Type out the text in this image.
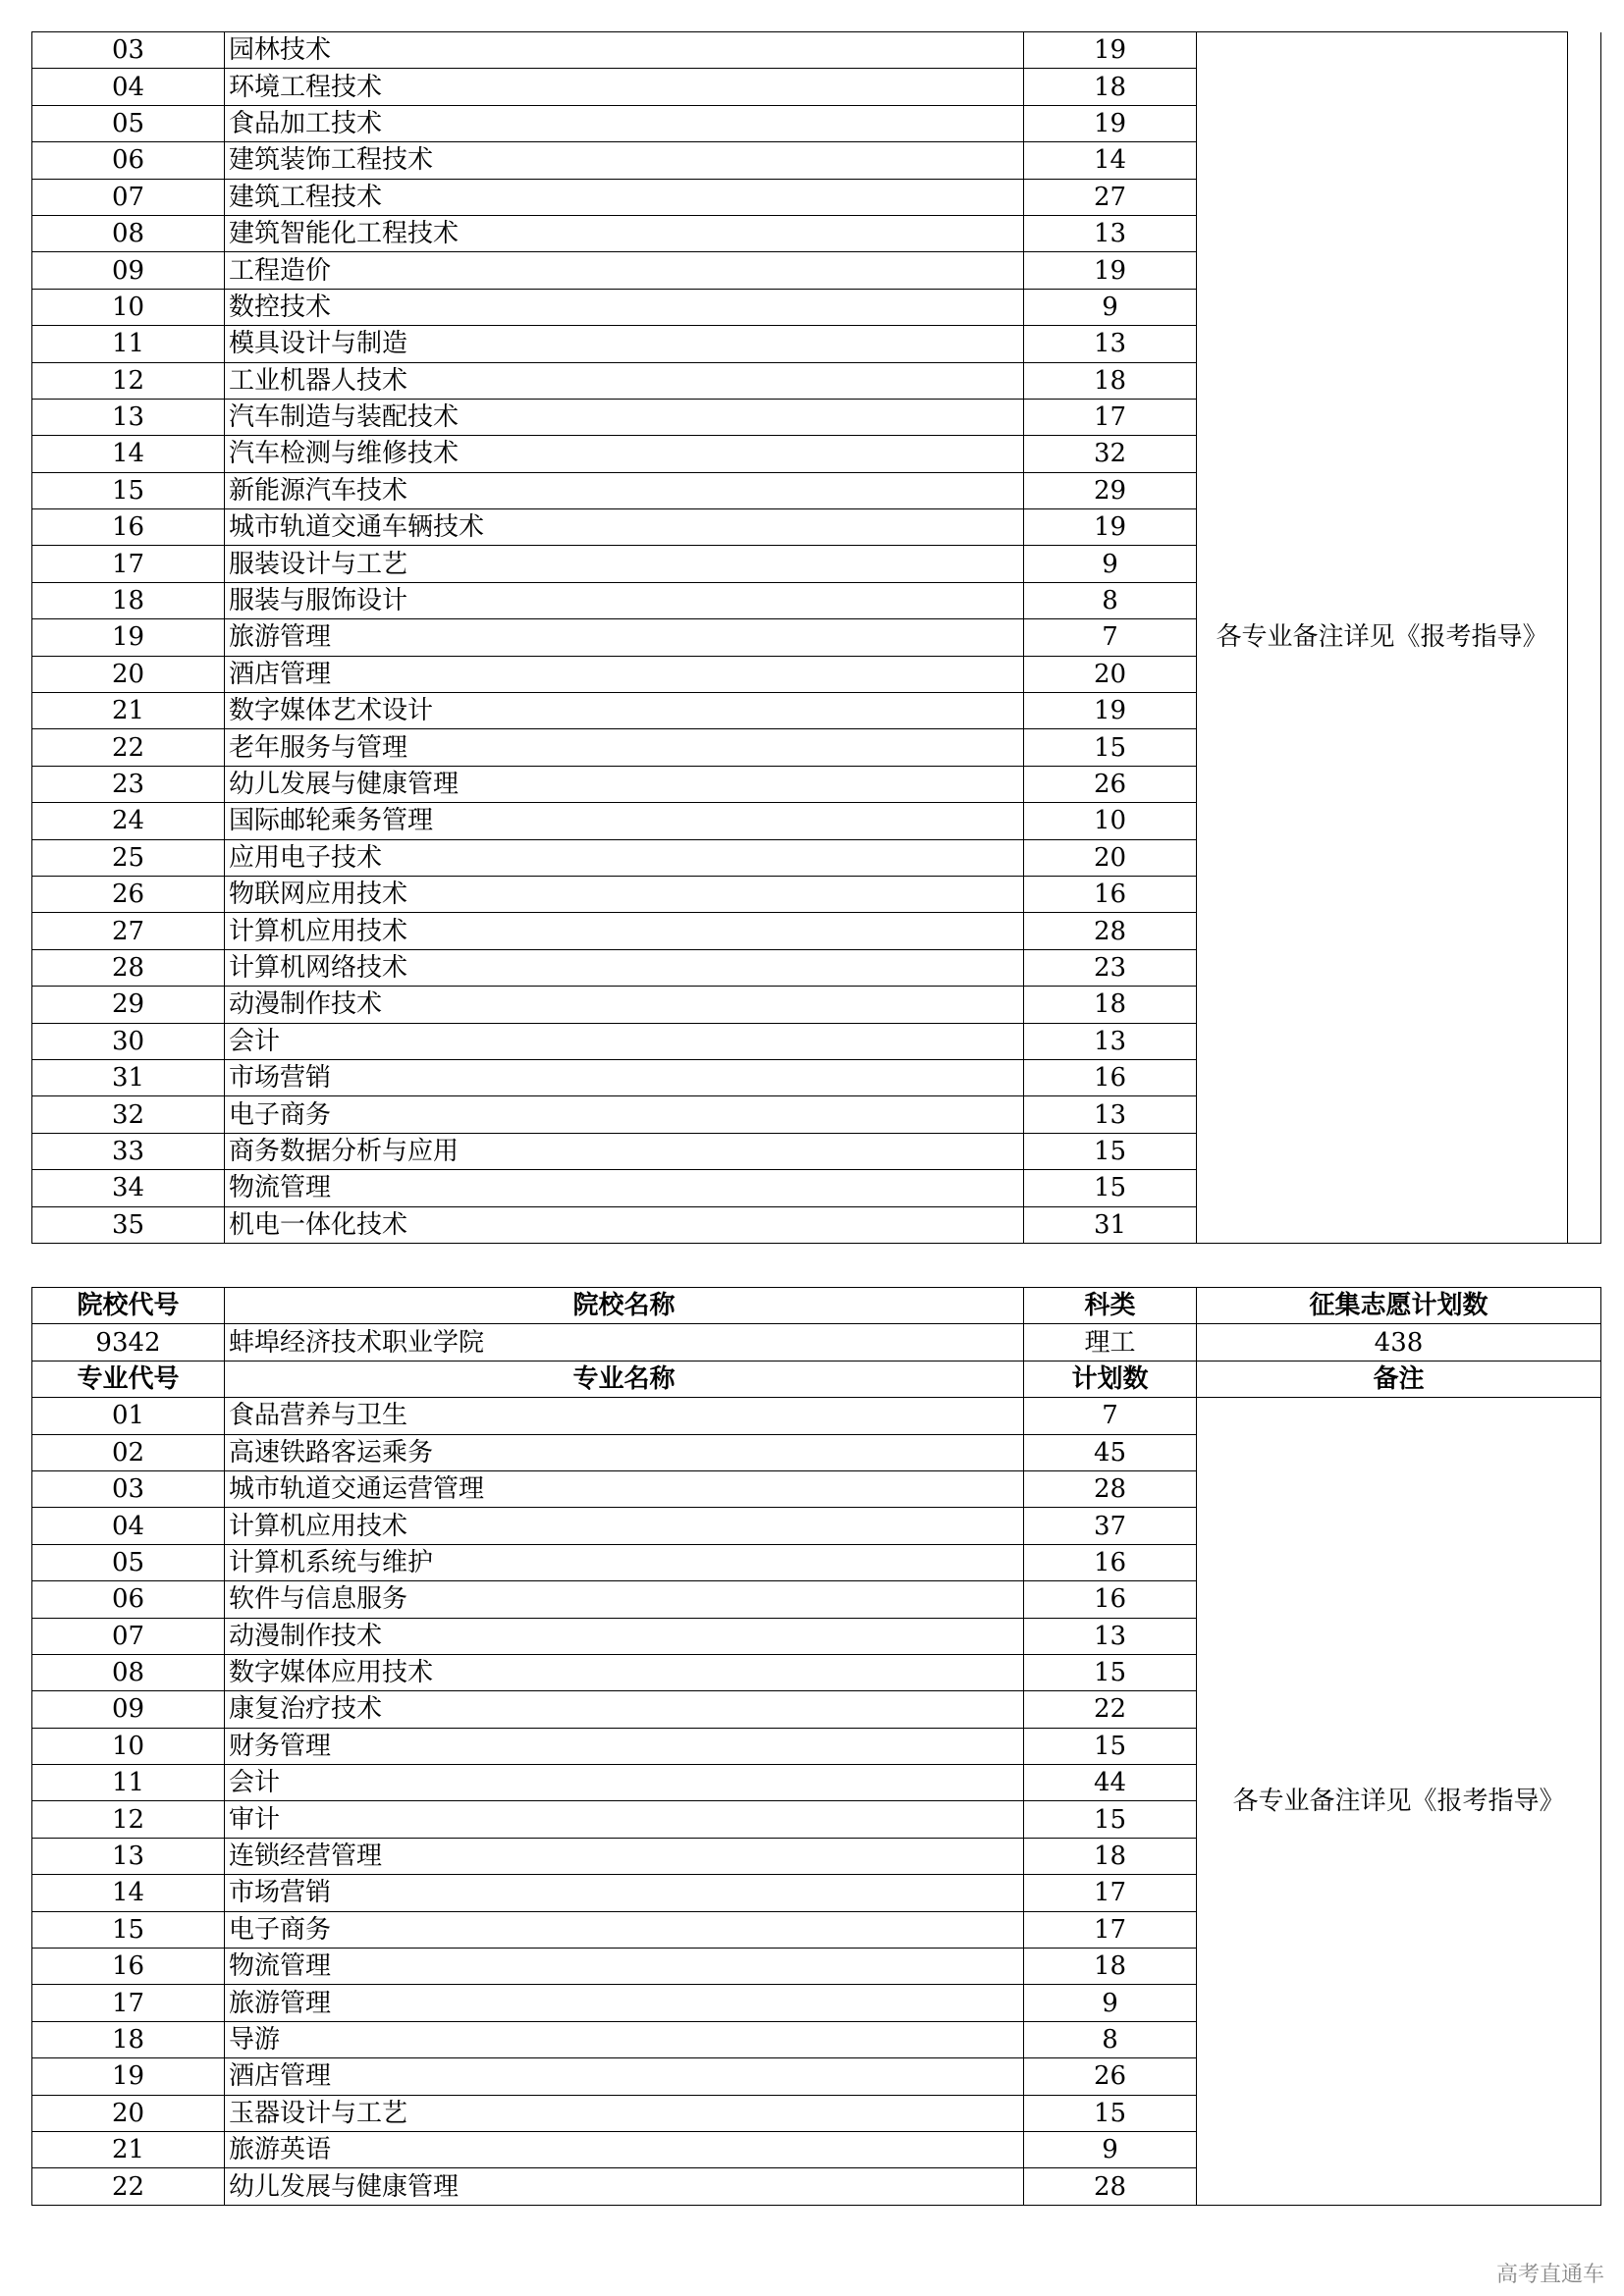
03	园林技术	19	各专业备注详见《报考指导》	
04	环境工程技术	18		
05	食品加工技术	19		
06	建筑装饰工程技术	14		
07	建筑工程技术	27		
08	建筑智能化工程技术	13		
09	工程造价	19		
10	数控技术	9		
11	模具设计与制造	13		
12	工业机器人技术	18		
13	汽车制造与装配技术	17		
14	汽车检测与维修技术	32		
15	新能源汽车技术	29		
16	城市轨道交通车辆技术	19		
17	服装设计与工艺	9		
18	服装与服饰设计	8		
19	旅游管理	7		
20	酒店管理	20		
21	数字媒体艺术设计	19		
22	老年服务与管理	15		
23	幼儿发展与健康管理	26		
24	国际邮轮乘务管理	10		
25	应用电子技术	20		
26	物联网应用技术	16		
27	计算机应用技术	28		
28	计算机网络技术	23		
29	动漫制作技术	18		
30	会计	13		
31	市场营销	16		
32	电子商务	13		
33	商务数据分析与应用	15		
34	物流管理	15		
35	机电一体化技术	31		
院校代号	院校名称	科类	征集志愿计划数
9342	蚌埠经济技术职业学院	理工	438
专业代号	专业名称	计划数	备注
01	食品营养与卫生	7	各专业备注详见《报考指导》
02	高速铁路客运乘务	45	
03	城市轨道交通运营管理	28	
04	计算机应用技术	37	
05	计算机系统与维护	16	
06	软件与信息服务	16	
07	动漫制作技术	13	
08	数字媒体应用技术	15	
09	康复治疗技术	22	
10	财务管理	15	
11	会计	44	
12	审计	15	
13	连锁经营管理	18	
14	市场营销	17	
15	电子商务	17	
16	物流管理	18	
17	旅游管理	9	
18	导游	8	
19	酒店管理	26	
20	玉器设计与工艺	15	
21	旅游英语	9	
22	幼儿发展与健康管理	28	
高考直通车
